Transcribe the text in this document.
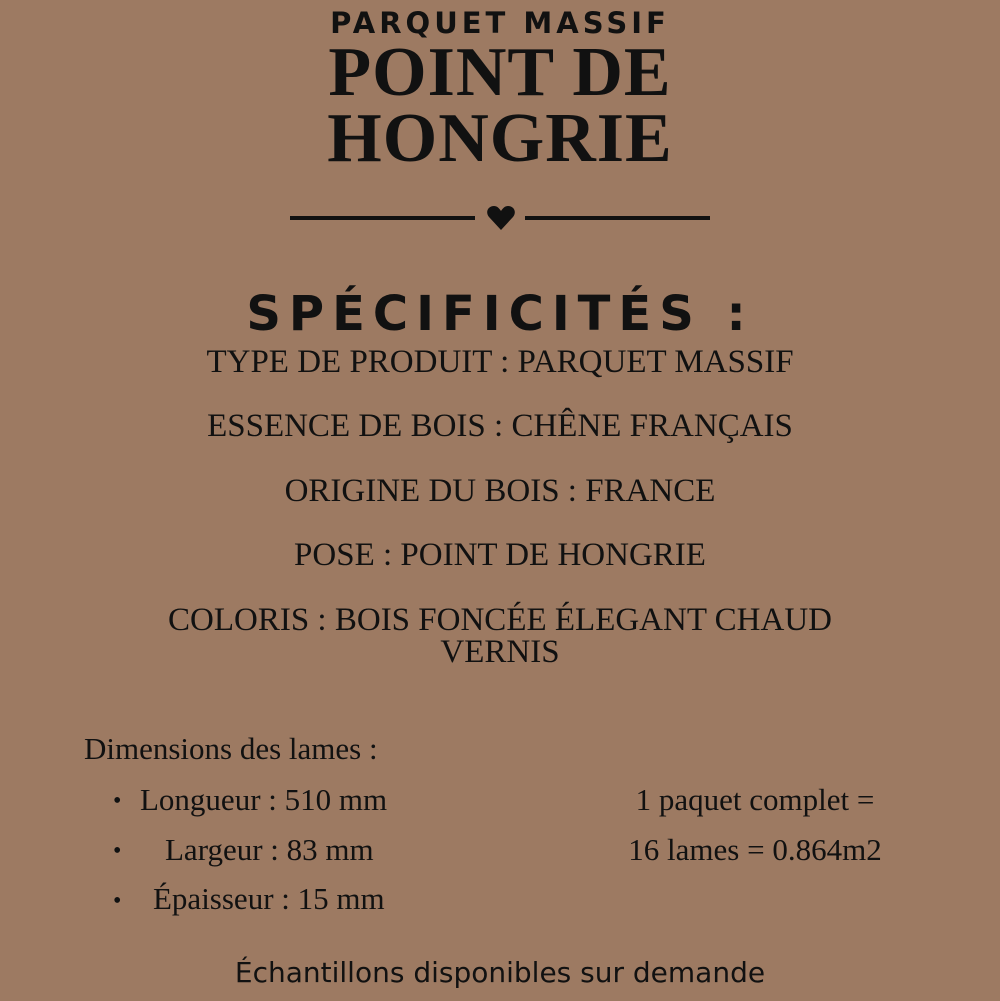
PARQUET MASSIF
POINT DE
HONGRIE
SPÉCIFICITÉS :
TYPE DE PRODUIT : PARQUET MASSIF
ESSENCE DE BOIS : CHÊNE FRANÇAIS
ORIGINE DU BOIS : FRANCE
POSE : POINT DE HONGRIE
COLORIS : BOIS FONCÉE ÉLEGANT CHAUD
VERNIS
Dimensions des lames :
• Longueur : 510 mm
• Largeur : 83 mm
• Épaisseur : 15 mm
1 paquet complet =
16 lames = 0.864m2
Échantillons disponibles sur demande
